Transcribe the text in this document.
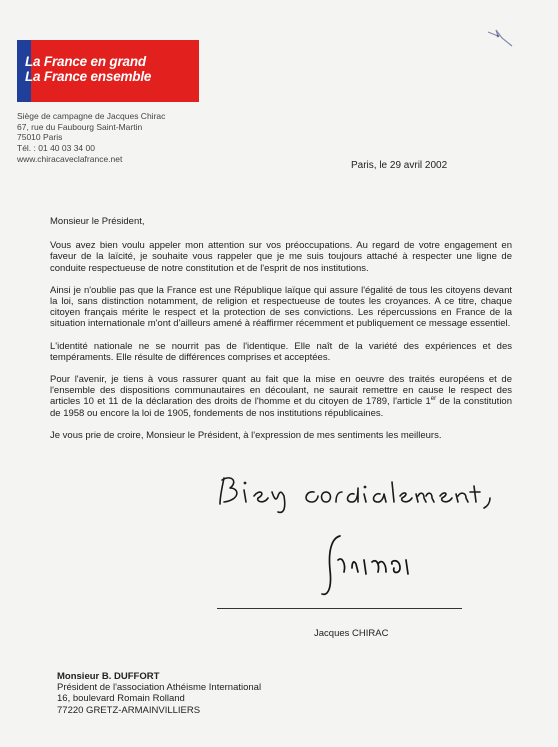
La France en grand
La France ensemble
Siège de campagne de Jacques Chirac
67, rue du Faubourg Saint-Martin
75010 Paris
Tél. : 01 40 03 34 00
www.chiracaveclafrance.net
Paris, le 29 avril 2002

Monsieur le Président,

Vous avez bien voulu appeler mon attention sur vos préoccupations. Au regard de votre engagement en faveur de la laïcité, je souhaite vous rappeler que je me suis toujours attaché à respecter une ligne de conduite respectueuse de notre constitution et de l'esprit de nos institutions.

Ainsi je n'oublie pas que la France est une République laïque qui assure l'égalité de tous les citoyens devant la loi, sans distinction notamment, de religion et respectueuse de toutes les croyances. A ce titre, chaque citoyen français mérite le respect et la protection de ses convictions. Les répercussions en France de la situation internationale m'ont d'ailleurs amené à réaffirmer récemment et publiquement ce message essentiel.

L'identité nationale ne se nourrit pas de l'identique. Elle naît de la variété des expériences et des tempéraments. Elle résulte de différences comprises et acceptées.

Pour l'avenir, je tiens à vous rassurer quant au fait que la mise en oeuvre des traités européens et de l'ensemble des dispositions communautaires en découlant, ne saurait remettre en cause le respect des articles 10 et 11 de la déclaration des droits de l'homme et du citoyen de 1789, l'article 1er de la constitution de 1958 ou encore la loi de 1905, fondements de nos institutions républicaines.

Je vous prie de croire, Monsieur le Président, à l'expression de mes sentiments les meilleurs.

Jacques CHIRAC
Monsieur B. DUFFORT
Président de l'association Athéisme International
16, boulevard Romain Rolland
77220 GRETZ-ARMAINVILLIERS
